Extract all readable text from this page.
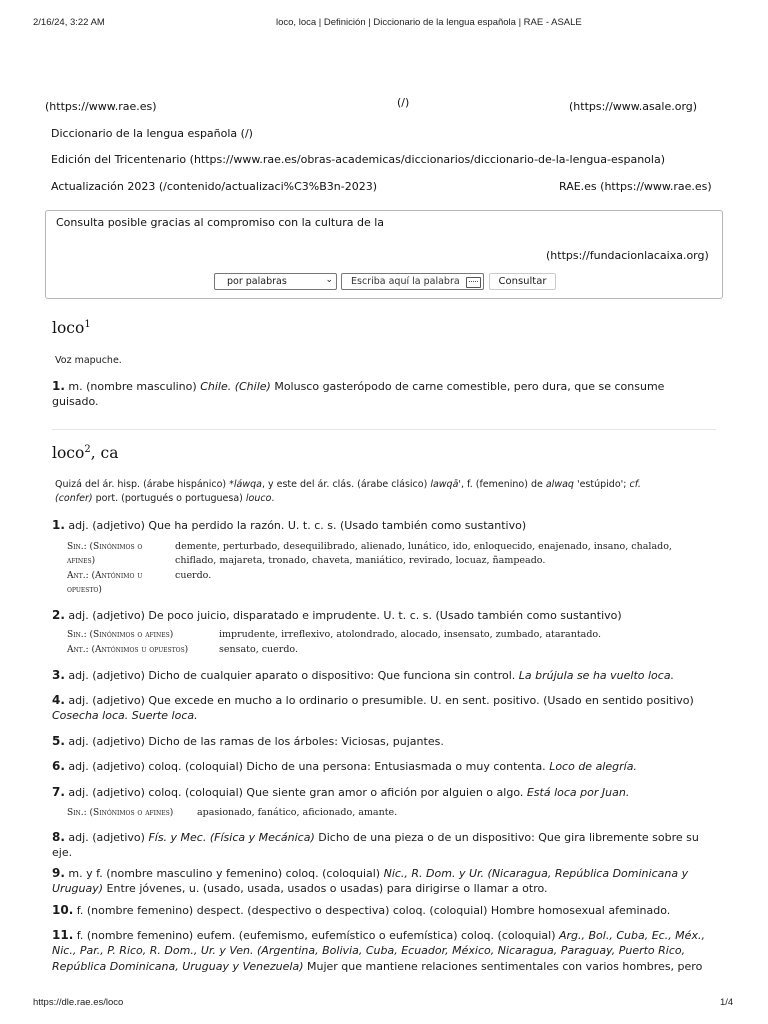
2/16/24, 3:22 AM	loco, loca | Definición | Diccionario de la lengua española | RAE - ASALE
(https://www.rae.es)	(/)	(https://www.asale.org)
Diccionario de la lengua española (/)
Edición del Tricentenario (https://www.rae.es/obras-academicas/diccionarios/diccionario-de-la-lengua-espanola)
Actualización 2023 (/contenido/actualizaci%C3%B3n-2023)	RAE.es (https://www.rae.es)
Consulta posible gracias al compromiso con la cultura de la
(https://fundacionlacaixa.org)
por palabras	⌄	Escriba aquí la palabra	Consultar
loco$^1$
Voz mapuche.
1. m. (nombre masculino) Chile. (Chile) Molusco gasterópodo de carne comestible, pero dura, que se consume
guisado.
loco$^2$, ca
Quizá del ár. hisp. (árabe hispánico) *láwqa, y este del ár. clás. (árabe clásico) lawqā', f. (femenino) de alwaq 'estúpido'; cf.
(confer) port. (portugués o portuguesa) louco.
1. adj. (adjetivo) Que ha perdido la razón. U. t. c. s. (Usado también como sustantivo)
Sin.: (Sinónimos o afines)
demente, perturbado, desequilibrado, alienado, lunático, ido, enloquecido, enajenado, insano, chalado, chiflado, majareta, tronado, chaveta, maniático, revirado, locuaz, ñampeado.
Ant.: (Antónimo u opuesto)
cuerdo.
2. adj. (adjetivo) De poco juicio, disparatado e imprudente. U. t. c. s. (Usado también como sustantivo)
Sin.: (Sinónimos o afines)	imprudente, irreflexivo, atolondrado, alocado, insensato, zumbado, atarantado.
Ant.: (Antónimos u opuestos)	sensato, cuerdo.
3. adj. (adjetivo) Dicho de cualquier aparato o dispositivo: Que funciona sin control. La brújula se ha vuelto loca.
4. adj. (adjetivo) Que excede en mucho a lo ordinario o presumible. U. en sent. positivo. (Usado en sentido positivo)
Cosecha loca. Suerte loca.
5. adj. (adjetivo) Dicho de las ramas de los árboles: Viciosas, pujantes.
6. adj. (adjetivo) coloq. (coloquial) Dicho de una persona: Entusiasmada o muy contenta. Loco de alegría.
7. adj. (adjetivo) coloq. (coloquial) Que siente gran amor o afición por alguien o algo. Está loca por Juan.
Sin.: (Sinónimos o afines) apasionado, fanático, aficionado, amante.
8. adj. (adjetivo) Fís. y Mec. (Física y Mecánica) Dicho de una pieza o de un dispositivo: Que gira libremente sobre su
eje.
9. m. y f. (nombre masculino y femenino) coloq. (coloquial) Nic., R. Dom. y Ur. (Nicaragua, República Dominicana y
Uruguay) Entre jóvenes, u. (usado, usada, usados o usadas) para dirigirse o llamar a otro.
10. f. (nombre femenino) despect. (despectivo o despectiva) coloq. (coloquial) Hombre homosexual afeminado.
11. f. (nombre femenino) eufem. (eufemismo, eufemístico o eufemística) coloq. (coloquial) Arg., Bol., Cuba, Ec., Méx.,
Nic., Par., P. Rico, R. Dom., Ur. y Ven. (Argentina, Bolivia, Cuba, Ecuador, México, Nicaragua, Paraguay, Puerto Rico,
República Dominicana, Uruguay y Venezuela) Mujer que mantiene relaciones sentimentales con varios hombres, pero
https://dle.rae.es/loco	1/4
